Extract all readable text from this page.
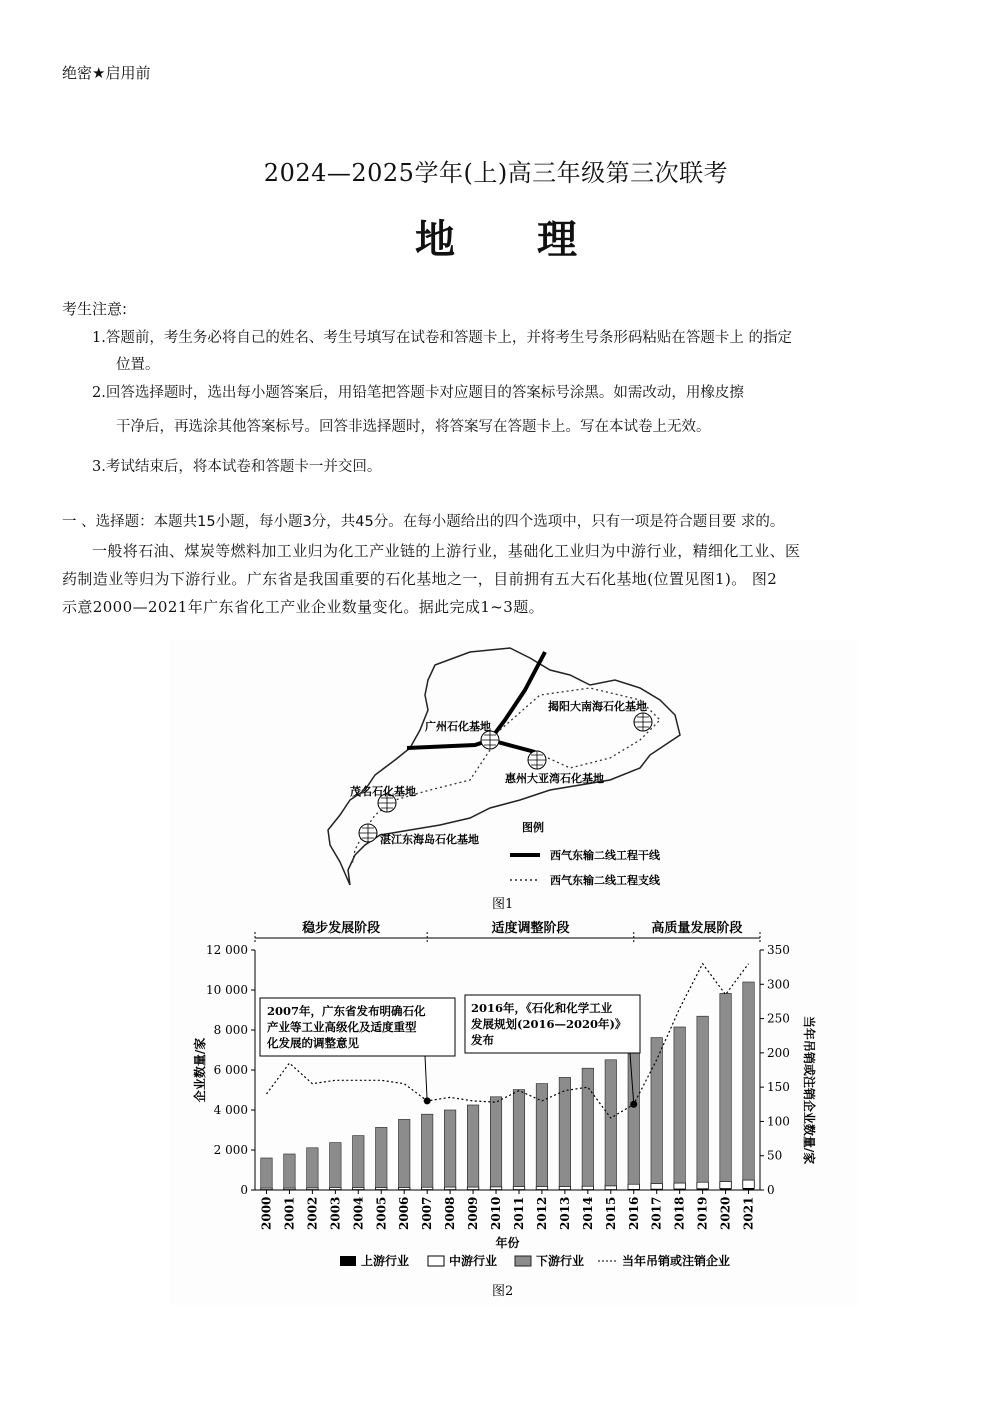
绝密★启用前
2024—2025学年(上)高三年级第三次联考
地 理
考生注意:
1.答题前，考生务必将自己的姓名、考生号填写在试卷和答题卡上，并将考生号条形码粘贴在答题卡上 的指定
位置。
2.回答选择题时，选出每小题答案后，用铅笔把答题卡对应题目的答案标号涂黑。如需改动，用橡皮擦
干净后，再选涂其他答案标号。回答非选择题时，将答案写在答题卡上。写在本试卷上无效。
3.考试结束后，将本试卷和答题卡一并交回。
一 、选择题：本题共15小题，每小题3分，共45分。在每小题给出的四个选项中，只有一项是符合题目要 求的。
一般将石油、煤炭等燃料加工业归为化工产业链的上游行业，基础化工业归为中游行业，精细化工业、医
药制造业等归为下游行业。广东省是我国重要的石化基地之一，目前拥有五大石化基地(位置见图1)。 图2
示意2000—2021年广东省化工产业企业数量变化。据此完成1~3题。
广州石化基地
揭阳大南海石化基地
惠州大亚湾石化基地
茂名石化基地
湛江东海岛石化基地
图例
西气东输二线工程干线
西气东输二线工程支线
图1
0
2 000
4 000
6 000
8 000
10 000
12 000
0
50
100
150
200
250
300
350
2000 2001 2002 2003 2004 2005 2006 2007 2008 2009 2010 2011 2012 2013 2014 2015 2016 2017 2018 2019 2020 2021
稳步发展阶段	适度调整阶段	高质量发展阶段
2007年，广东省发布明确石化
产业等工业高级化及适度重型
化发展的调整意见
2016年，《石化和化学工业
发展规划(2016—2020年)》
发布
企业数量/家	当年吊销或注销企业数量/家
年份
上游行业	中游行业	下游行业	当年吊销或注销企业
图2
